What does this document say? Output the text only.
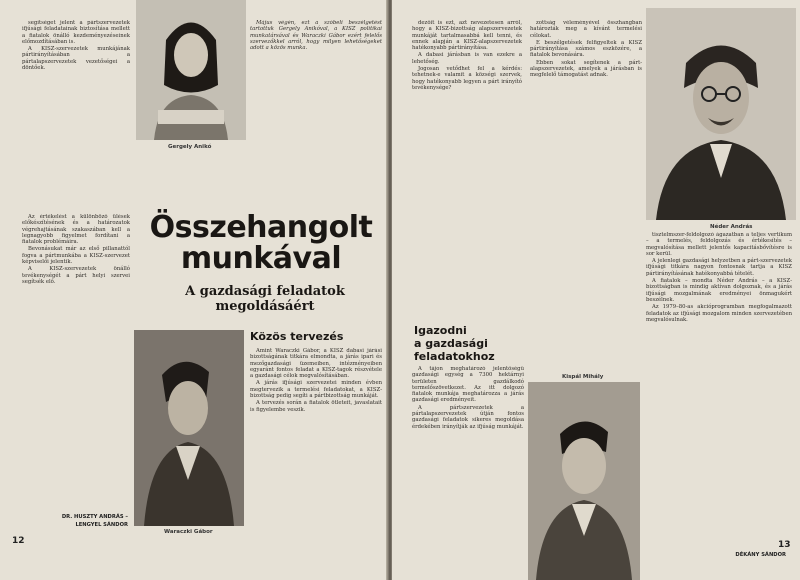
segítséget jelent a pártszervezetek ifjúsági feladatainak biztosítása mellett a fiatalok önálló kezdeményezéseinek előmozdításában is.

A KISZ-szervezetek munkájának pártirányításában a pártalapszervezetek vezetőségei a döntőek.

Az értékelést a különböző ülések előkészítésének és a határozatok végrehajtásának szakaszában kell a legnagyobb figyelmet fordítani a fiatalok problémáira.

Bevonásukat már az első pillanattól fogva a pártmunkába a KISZ-szervezet képviselői jelentik.

A KISZ-szervezetek önálló tevékenységét a párt helyi szervei segítsék elő.

Gergely Anikó

Május végén, ezt a szóbeli beszélgetést tartottuk Gergely Anikóval, a KISZ politikai munkatársával és Waraczki Gábor ezért felelős szervezőkkel arról, hogy milyen lehetőségeket adott a közös munka.

Összehangolt munkával
A gazdasági feladatok megoldásáért
Waraczki Gábor
Közös tervezés

Amint Waraczki Gábor, a KISZ dabasi járási bizottságának titkára elmondta, a járás ipari és mezőgazdasági üzemeiben, intézményeiben egyaránt fontos feladat a KISZ-tagok részvétele a gazdasági célok megvalósításában.

A járás ifjúsági szervezetei minden évben megtervezik a termelési feladatokat, a KISZ-bizottság pedig segíti a pártbizottság munkáját.

A tervezés során a fiatalok ötleteit, javaslatait is figyelembe veszik.

DR. HUSZTY ANDRÁS –
LENGYEL SÁNDOR
12

dezőit is ezt, azt nevezetesen arról, hogy a KISZ-bizottság alapszervezetek munkáját tartalmasabbá kell tenni, és ennek alapján a KISZ-alapszervezetek hatékonyabb pártirányítása.

A dabasi járásban is van ezekre a lehetőség.

Jogosan vetődhet fel a kérdés: tehetnek-e valamit a községi szervek, hogy hatékonyabb legyen a párt irányító tevékenysége?

zottság véleményével összhangban határozták meg a kívánt termelési célokat.

E beszélgetések felfigyeltek a KISZ pártirányítása számos eszközére, a fiatalok bevonására.

Ebben sokat segítenek a párt-alapszervezetek, amelyek a járásban is megfelelő támogatást adnak.

Néder András
Igazodni
a gazdasági
feladatokhoz

A tájon meghatározó jelentőségű gazdasági egység a 7300 hektárnyi területen gazdálkodó termelőszövetkezet. Az itt dolgozó fiatalok munkája meghatározza a járás gazdasági eredményeit.

A pártszervezetek a pártalapszervezetek útján fontos gazdasági feladatok sikeres megoldása érdekében irányítják az ifjúság munkáját.

Kispál Mihály

tisztelmszer-feldolgozó ágazatban a teljes vertikum – a termelés, feldolgozás és értékesítés – megvalósítása mellett jelentős kapacitásbővítésre is sor kerül.

A jelenlegi gazdasági helyzetben a párt-szervezetek ifjúsági titkára nagyon fontosnak tartja a KISZ pártirányításának hatékonyabbá tételét.

A fiatalok – mondta Néder András – a KISZ-bizottságban is mindig aktívan dolgoznak, és a járás ifjúsági mozgalmának eredményei önmagukért beszélnek.

Az 1979–80-as akcióprogramban megfogalmazott feladatok az ifjúsági mozgalom minden szervezetében megvalósulnak.

DÉKÁNY SÁNDOR
13
